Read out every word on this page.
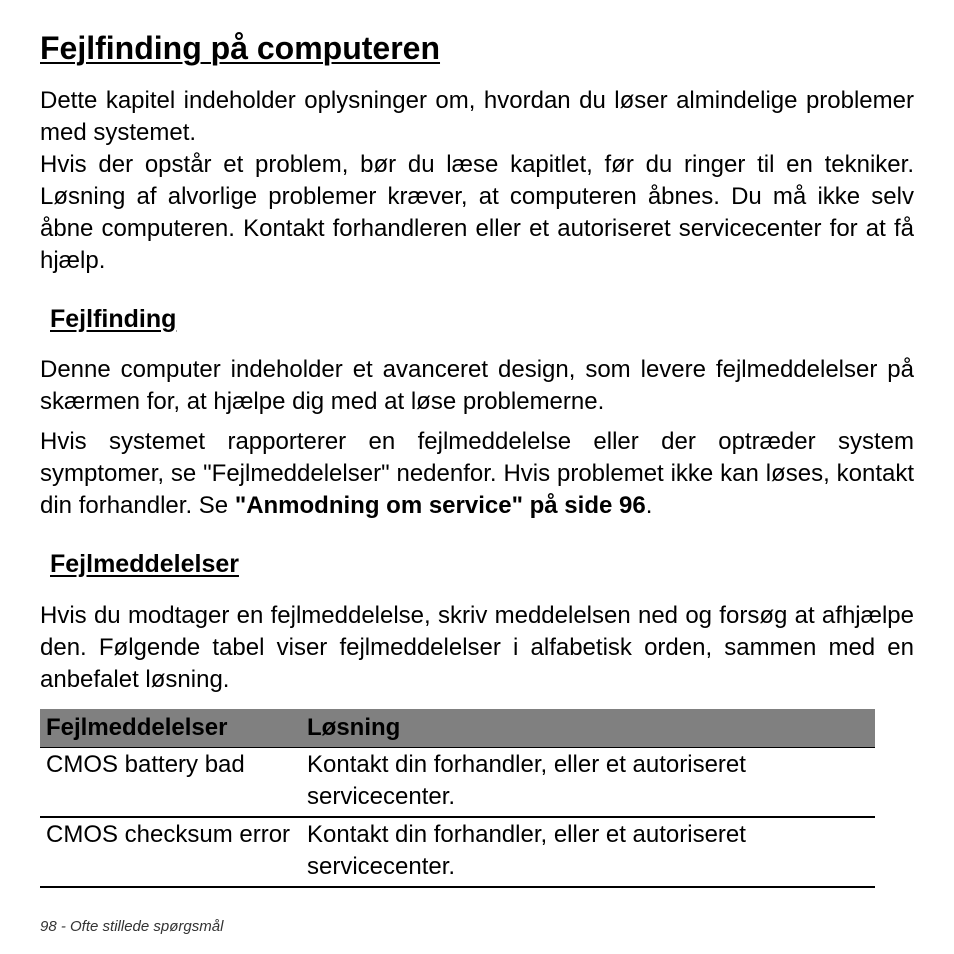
Fejlfinding på computeren

Dette kapitel indeholder oplysninger om, hvordan du løser almindelige problemer med systemet.

Hvis der opstår et problem, bør du læse kapitlet, før du ringer til en tekniker. Løsning af alvorlige problemer kræver, at computeren åbnes. Du må ikke selv åbne computeren. Kontakt forhandleren eller et autoriseret servicecenter for at få hjælp.

Fejlfinding

Denne computer indeholder et avanceret design, som levere fejlmeddelelser på skærmen for, at hjælpe dig med at løse problemerne.

Hvis systemet rapporterer en fejlmeddelelse eller der optræder system symptomer, se "Fejlmeddelelser" nedenfor. Hvis problemet ikke kan løses, kontakt din forhandler. Se "Anmodning om service" på side 96.

Fejlmeddelelser

Hvis du modtager en fejlmeddelelse, skriv meddelelsen ned og forsøg at afhjælpe den. Følgende tabel viser fejlmeddelelser i alfabetisk orden, sammen med en anbefalet løsning.

Fejlmeddelelser	Løsning
CMOS battery bad	Kontakt din forhandler, eller et autoriseret servicecenter.
CMOS checksum error	Kontakt din forhandler, eller et autoriseret servicecenter.
98 - Ofte stillede spørgsmål
